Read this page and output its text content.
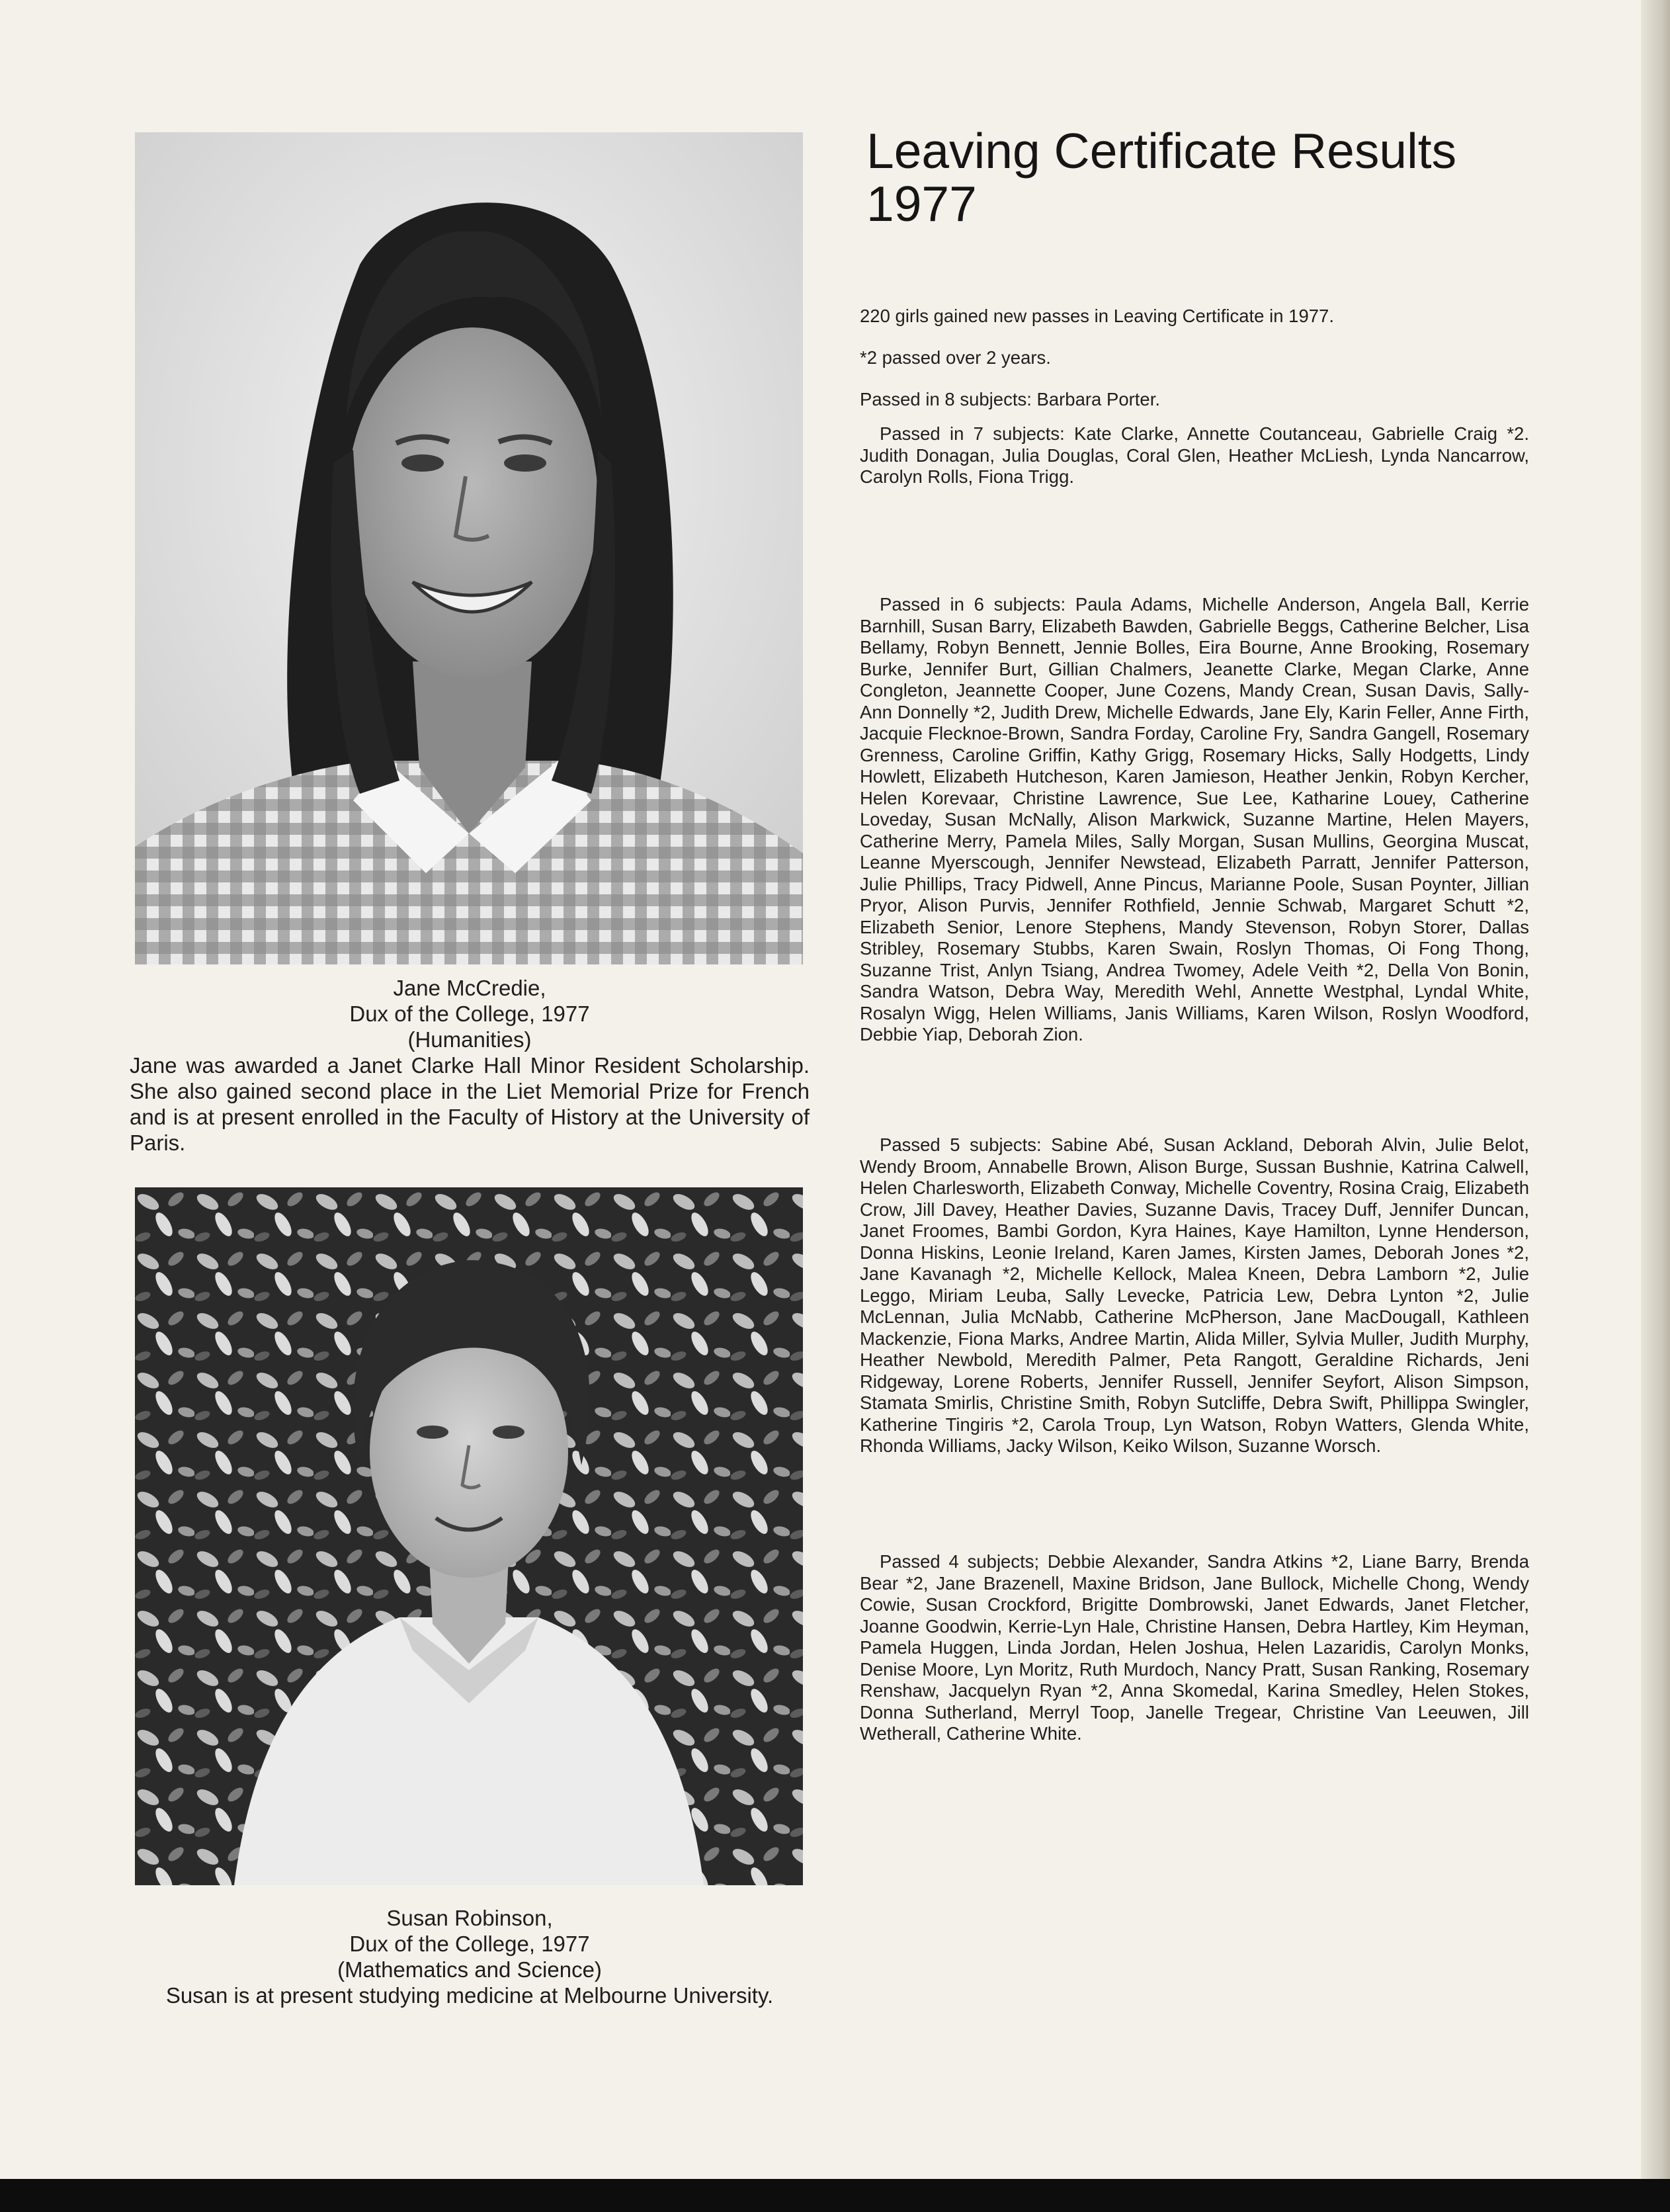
Jane McCredie,
Dux of the College, 1977
(Humanities)
Jane was awarded a Janet Clarke Hall Minor Resident Scholarship. She also gained second place in the Liet Memorial Prize for French and is at present enrolled in the Faculty of History at the University of Paris.
Susan Robinson,
Dux of the College, 1977
(Mathematics and Science)
Susan is at present studying medicine at Melbourne University.
Leaving Certificate Results
1977

220 girls gained new passes in Leaving Certificate in 1977.

*2 passed over 2 years.

Passed in 8 subjects: Barbara Porter.

Passed in 7 subjects: Kate Clarke, Annette Coutanceau, Gabrielle Craig *2. Judith Donagan, Julia Douglas, Coral Glen, Heather McLiesh, Lynda Nancarrow, Carolyn Rolls, Fiona Trigg.

Passed in 6 subjects: Paula Adams, Michelle Anderson, Angela Ball, Kerrie Barnhill, Susan Barry, Elizabeth Bawden, Gabrielle Beggs, Catherine Belcher, Lisa Bellamy, Robyn Bennett, Jennie Bolles, Eira Bourne, Anne Brooking, Rosemary Burke, Jennifer Burt, Gillian Chalmers, Jeanette Clarke, Megan Clarke, Anne Congleton, Jeannette Cooper, June Cozens, Mandy Crean, Susan Davis, Sally-Ann Donnelly *2, Judith Drew, Michelle Edwards, Jane Ely, Karin Feller, Anne Firth, Jacquie Flecknoe-Brown, Sandra Forday, Caroline Fry, Sandra Gangell, Rosemary Grenness, Caroline Griffin, Kathy Grigg, Rosemary Hicks, Sally Hodgetts, Lindy Howlett, Elizabeth Hutcheson, Karen Jamieson, Heather Jenkin, Robyn Kercher, Helen Korevaar, Christine Lawrence, Sue Lee, Katharine Louey, Catherine Loveday, Susan McNally, Alison Markwick, Suzanne Martine, Helen Mayers, Catherine Merry, Pamela Miles, Sally Morgan, Susan Mullins, Georgina Muscat, Leanne Myerscough, Jennifer Newstead, Elizabeth Parratt, Jennifer Patterson, Julie Phillips, Tracy Pidwell, Anne Pincus, Marianne Poole, Susan Poynter, Jillian Pryor, Alison Purvis, Jennifer Rothfield, Jennie Schwab, Margaret Schutt *2, Elizabeth Senior, Lenore Stephens, Mandy Stevenson, Robyn Storer, Dallas Stribley, Rosemary Stubbs, Karen Swain, Roslyn Thomas, Oi Fong Thong, Suzanne Trist, Anlyn Tsiang, Andrea Twomey, Adele Veith *2, Della Von Bonin, Sandra Watson, Debra Way, Meredith Wehl, Annette Westphal, Lyndal White, Rosalyn Wigg, Helen Williams, Janis Williams, Karen Wilson, Roslyn Woodford, Debbie Yiap, Deborah Zion.

Passed 5 subjects: Sabine Abé, Susan Ackland, Deborah Alvin, Julie Belot, Wendy Broom, Annabelle Brown, Alison Burge, Sussan Bushnie, Katrina Calwell, Helen Charlesworth, Elizabeth Conway, Michelle Coventry, Rosina Craig, Elizabeth Crow, Jill Davey, Heather Davies, Suzanne Davis, Tracey Duff, Jennifer Duncan, Janet Froomes, Bambi Gordon, Kyra Haines, Kaye Hamilton, Lynne Henderson, Donna Hiskins, Leonie Ireland, Karen James, Kirsten James, Deborah Jones *2, Jane Kavanagh *2, Michelle Kellock, Malea Kneen, Debra Lamborn *2, Julie Leggo, Miriam Leuba, Sally Levecke, Patricia Lew, Debra Lynton *2, Julie McLennan, Julia McNabb, Catherine McPherson, Jane MacDougall, Kathleen Mackenzie, Fiona Marks, Andree Martin, Alida Miller, Sylvia Muller, Judith Murphy, Heather Newbold, Meredith Palmer, Peta Rangott, Geraldine Richards, Jeni Ridgeway, Lorene Roberts, Jennifer Russell, Jennifer Seyfort, Alison Simpson, Stamata Smirlis, Christine Smith, Robyn Sutcliffe, Debra Swift, Phillippa Swingler, Katherine Tingiris *2, Carola Troup, Lyn Watson, Robyn Watters, Glenda White, Rhonda Williams, Jacky Wilson, Keiko Wilson, Suzanne Worsch.

Passed 4 subjects; Debbie Alexander, Sandra Atkins *2, Liane Barry, Brenda Bear *2, Jane Brazenell, Maxine Bridson, Jane Bullock, Michelle Chong, Wendy Cowie, Susan Crockford, Brigitte Dombrowski, Janet Edwards, Janet Fletcher, Joanne Goodwin, Kerrie-Lyn Hale, Christine Hansen, Debra Hartley, Kim Heyman, Pamela Huggen, Linda Jordan, Helen Joshua, Helen Lazaridis, Carolyn Monks, Denise Moore, Lyn Moritz, Ruth Murdoch, Nancy Pratt, Susan Ranking, Rosemary Renshaw, Jacquelyn Ryan *2, Anna Skomedal, Karina Smedley, Helen Stokes, Donna Sutherland, Merryl Toop, Janelle Tregear, Christine Van Leeuwen, Jill Wetherall, Catherine White.
